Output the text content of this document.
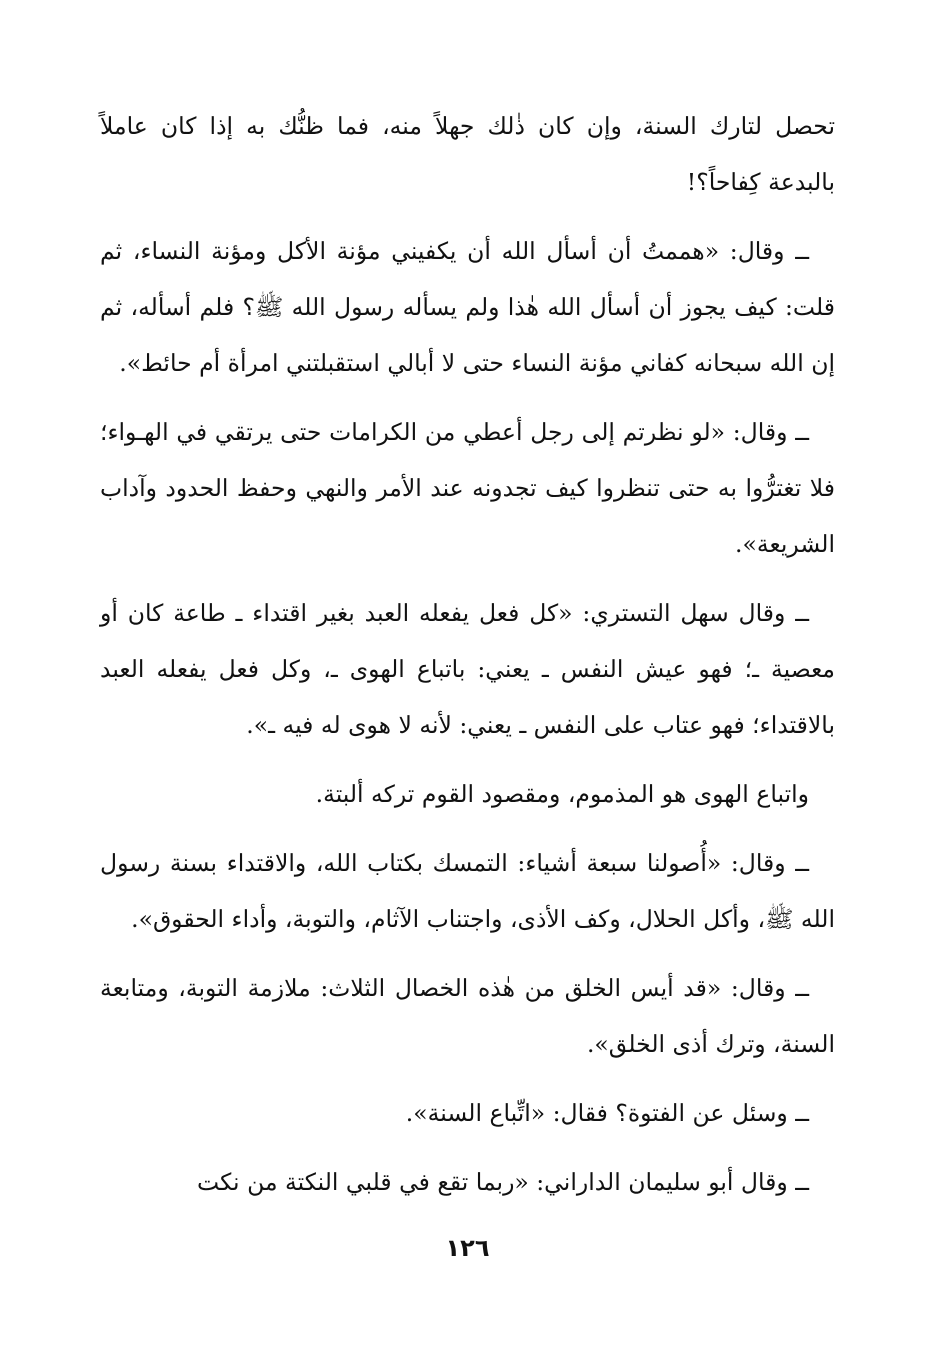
تحصل لتارك السنة، وإن كان ذٰلك جهلاً منه، فما ظنُّك به إذا كان عاملاً بالبدعة كِفاحاً؟!

ــ وقال: «هممتُ أن أسأل الله أن يكفيني مؤنة الأكل ومؤنة النساء، ثم قلت: كيف يجوز أن أسأل الله هٰذا ولم يسأله رسول الله ﷺ؟ فلم أسأله، ثم إن الله سبحانه كفاني مؤنة النساء حتى لا أبالي استقبلتني امرأة أم حائط».

ــ وقال: «لو نظرتم إلى رجل أعطي من الكرامات حتى يرتقي في الهـواء؛ فلا تغترُّوا به حتى تنظروا كيف تجدونه عند الأمر والنهي وحفظ الحدود وآداب الشريعة».

ــ وقال سهل التستري: «كل فعل يفعله العبد بغير اقتداء ـ طاعة كان أو معصية ـ؛ فهو عيش النفس ـ يعني: باتباع الهوى ـ، وكل فعل يفعله العبد بالاقتداء؛ فهو عتاب على النفس ـ يعني: لأنه لا هوى له فيه ـ».

واتباع الهوى هو المذموم، ومقصود القوم تركه ألبتة.

ــ وقال: «أُصولنا سبعة أشياء: التمسك بكتاب الله، والاقتداء بسنة رسول الله ﷺ، وأكل الحلال، وكف الأذى، واجتناب الآثام، والتوبة، وأداء الحقوق».

ــ وقال: «قد أيس الخلق من هٰذه الخصال الثلاث: ملازمة التوبة، ومتابعة السنة، وترك أذى الخلق».

ــ وسئل عن الفتوة؟ فقال: «اتِّباع السنة».

ــ وقال أبو سليمان الداراني: «ربما تقع في قلبي النكتة من نكت

١٢٦
